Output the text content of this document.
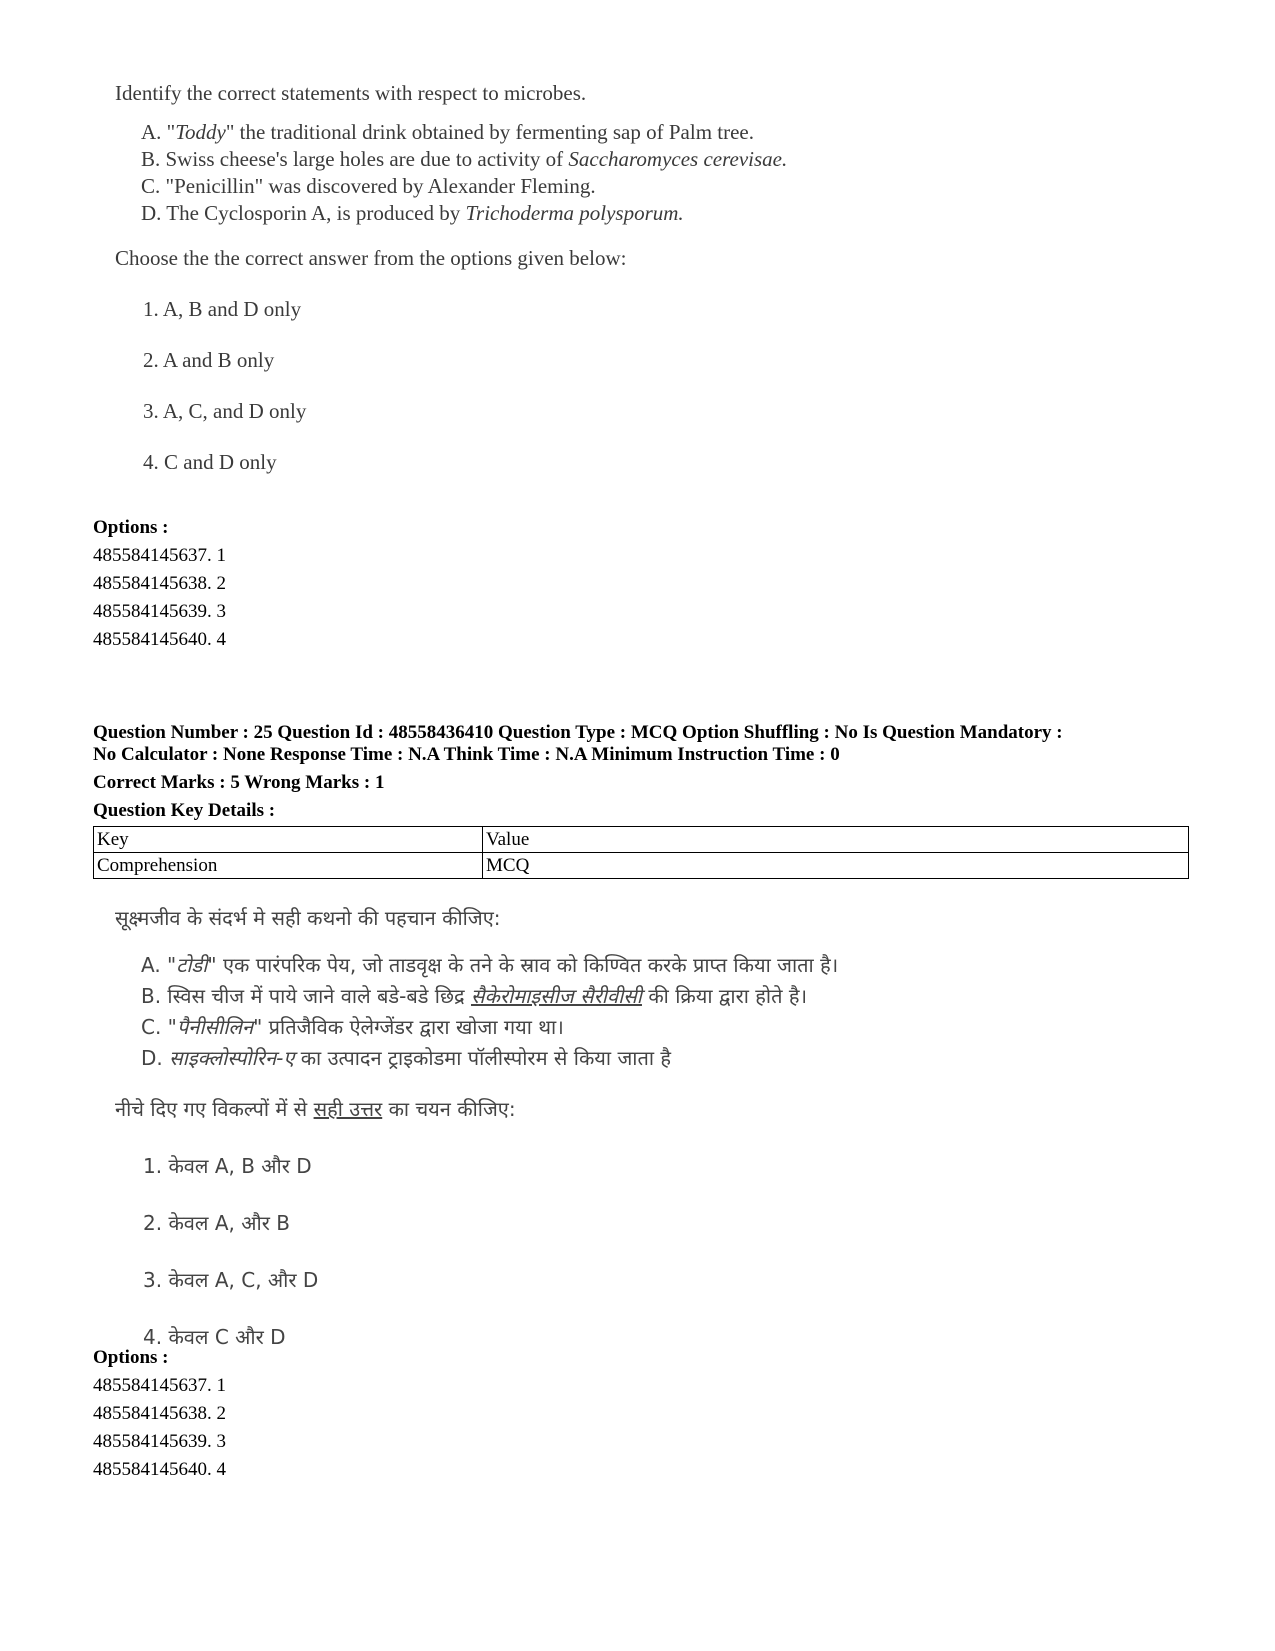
Identify the correct statements with respect to microbes.

A. "Toddy" the traditional drink obtained by fermenting sap of Palm tree.
B. Swiss cheese's large holes are due to activity of Saccharomyces cerevisae.
C. "Penicillin" was discovered by Alexander Fleming.
D. The Cyclosporin A, is produced by Trichoderma polysporum.
Choose the the correct answer from the options given below:
1. A, B and D only
2. A and B only
3. A, C, and D only
4. C and D only
Options :
485584145637. 1
485584145638. 2
485584145639. 3
485584145640. 4
Question Number : 25 Question Id : 48558436410 Question Type : MCQ Option Shuffling : No Is Question Mandatory :
No Calculator : None Response Time : N.A Think Time : N.A Minimum Instruction Time : 0
Correct Marks : 5 Wrong Marks : 1
Question Key Details :
Key	Value
Comprehension	MCQ

सूक्ष्मजीव के संदर्भ मे सही कथनो की पहचान कीजिए:

A. "टोडी" एक पारंपरिक पेय, जो ताडवृक्ष के तने के स्राव को किण्वित करके प्राप्त किया जाता है।
B. स्विस चीज में पाये जाने वाले बडे-बडे छिद्र सैकेरोमाइसीज सैरीवीसी की क्रिया द्वारा होते है।
C. "पैनीसीलिन" प्रतिजैविक ऐलेग्जेंडर द्वारा खोजा गया था।
D. साइक्लोस्पोरिन-ए का उत्पादन ट्राइकोडमा पॉलीस्पोरम से किया जाता है
नीचे दिए गए विकल्पों में से सही उत्तर का चयन कीजिए:
1. केवल A, B और D
2. केवल A, और B
3. केवल A, C, और D
4. केवल C और D
Options :
485584145637. 1
485584145638. 2
485584145639. 3
485584145640. 4
